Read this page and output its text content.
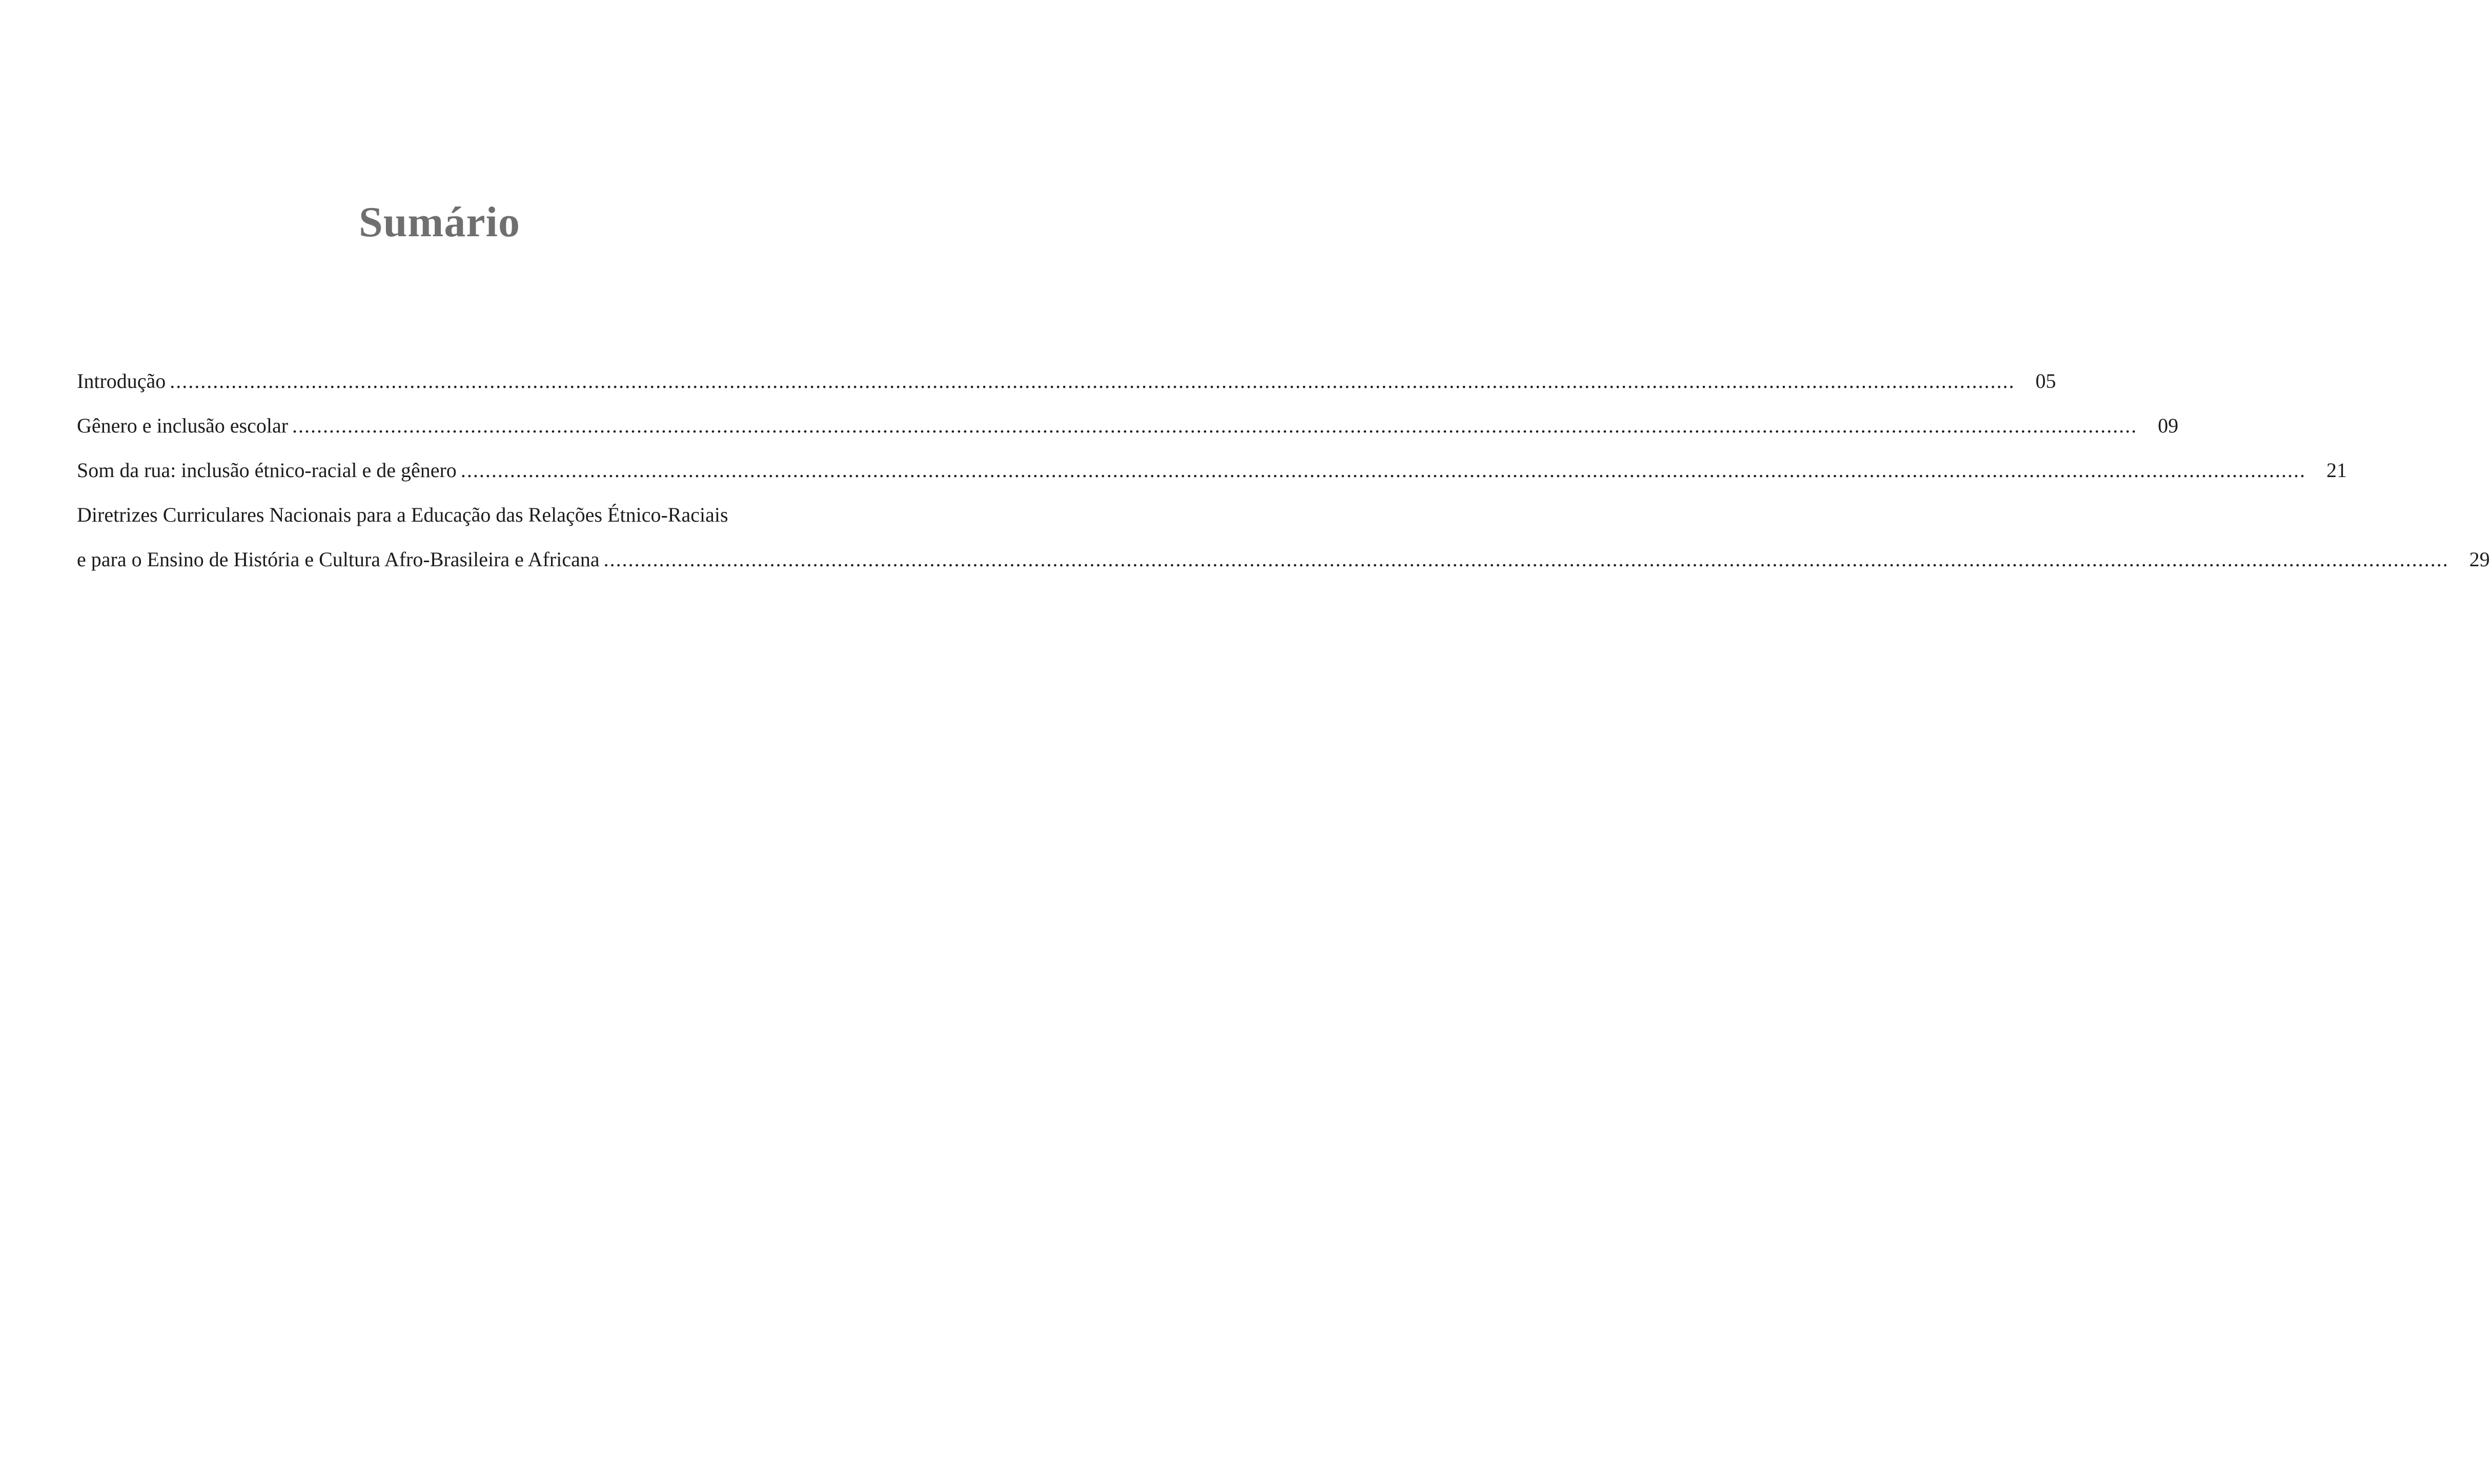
Sumário
Introdução ............................................................................................................................................................................................................................................................................................................	05
Gênero e inclusão escolar ............................................................................................................................................................................................................................................................................................................	09
Som da rua: inclusão étnico-racial e de gênero ............................................................................................................................................................................................................................................................................................................	21
Diretrizes Curriculares Nacionais para a Educação das Relações Étnico-Raciais
e para o Ensino de História e Cultura Afro-Brasileira e Africana ............................................................................................................................................................................................................................................................................................................	29
